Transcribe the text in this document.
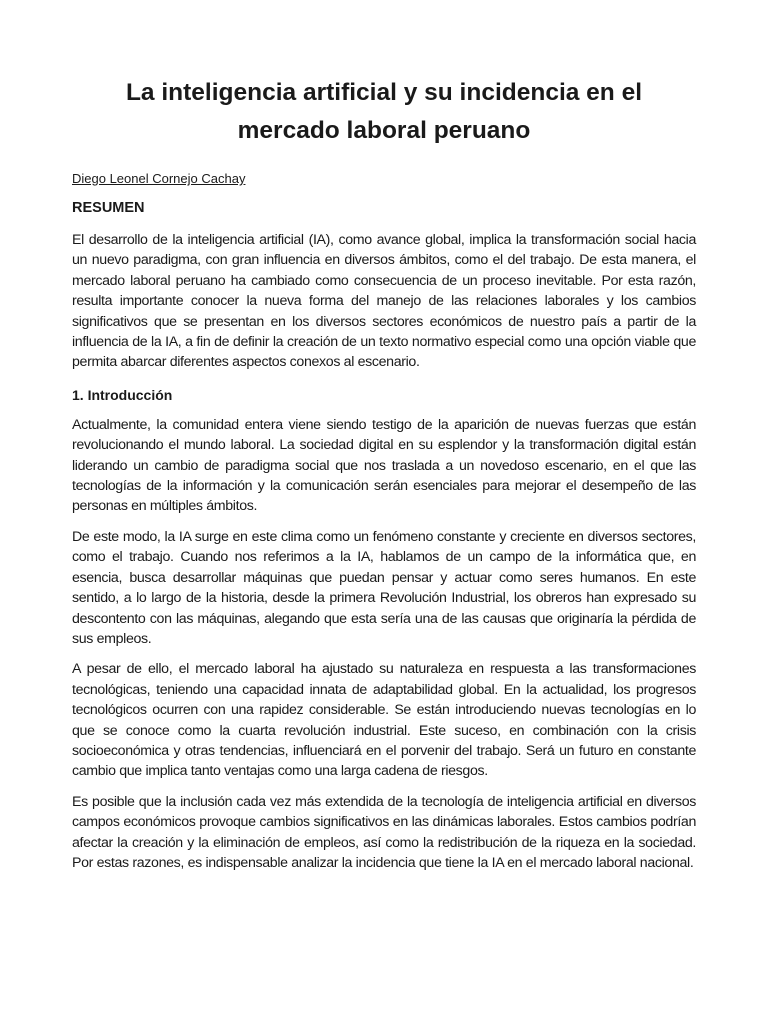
La inteligencia artificial y su incidencia en el
mercado laboral peruano

Diego Leonel Cornejo Cachay

RESUMEN

El desarrollo de la inteligencia artificial (IA), como avance global, implica la transformación social hacia un nuevo paradigma, con gran influencia en diversos ámbitos, como el del trabajo. De esta manera, el mercado laboral peruano ha cambiado como consecuencia de un proceso inevitable. Por esta razón, resulta importante conocer la nueva forma del manejo de las relaciones laborales y los cambios significativos que se presentan en los diversos sectores económicos de nuestro país a partir de la influencia de la IA, a fin de definir la creación de un texto normativo especial como una opción viable que permita abarcar diferentes aspectos conexos al escenario.

1. Introducción

Actualmente, la comunidad entera viene siendo testigo de la aparición de nuevas fuerzas que están revolucionando el mundo laboral. La sociedad digital en su esplendor y la transformación digital están liderando un cambio de paradigma social que nos traslada a un novedoso escenario, en el que las tecnologías de la información y la comunicación serán esenciales para mejorar el desempeño de las personas en múltiples ámbitos.

De este modo, la IA surge en este clima como un fenómeno constante y creciente en diversos sectores, como el trabajo. Cuando nos referimos a la IA, hablamos de un campo de la informática que, en esencia, busca desarrollar máquinas que puedan pensar y actuar como seres humanos. En este sentido, a lo largo de la historia, desde la primera Revolución Industrial, los obreros han expresado su descontento con las máquinas, alegando que esta sería una de las causas que originaría la pérdida de sus empleos.

A pesar de ello, el mercado laboral ha ajustado su naturaleza en respuesta a las transformaciones tecnológicas, teniendo una capacidad innata de adaptabilidad global. En la actualidad, los progresos tecnológicos ocurren con una rapidez considerable. Se están introduciendo nuevas tecnologías en lo que se conoce como la cuarta revolución industrial. Este suceso, en combinación con la crisis socioeconómica y otras tendencias, influenciará en el porvenir del trabajo. Será un futuro en constante cambio que implica tanto ventajas como una larga cadena de riesgos.

Es posible que la inclusión cada vez más extendida de la tecnología de inteligencia artificial en diversos campos económicos provoque cambios significativos en las dinámicas laborales. Estos cambios podrían afectar la creación y la eliminación de empleos, así como la redistribución de la riqueza en la sociedad. Por estas razones, es indispensable analizar la incidencia que tiene la IA en el mercado laboral nacional.
